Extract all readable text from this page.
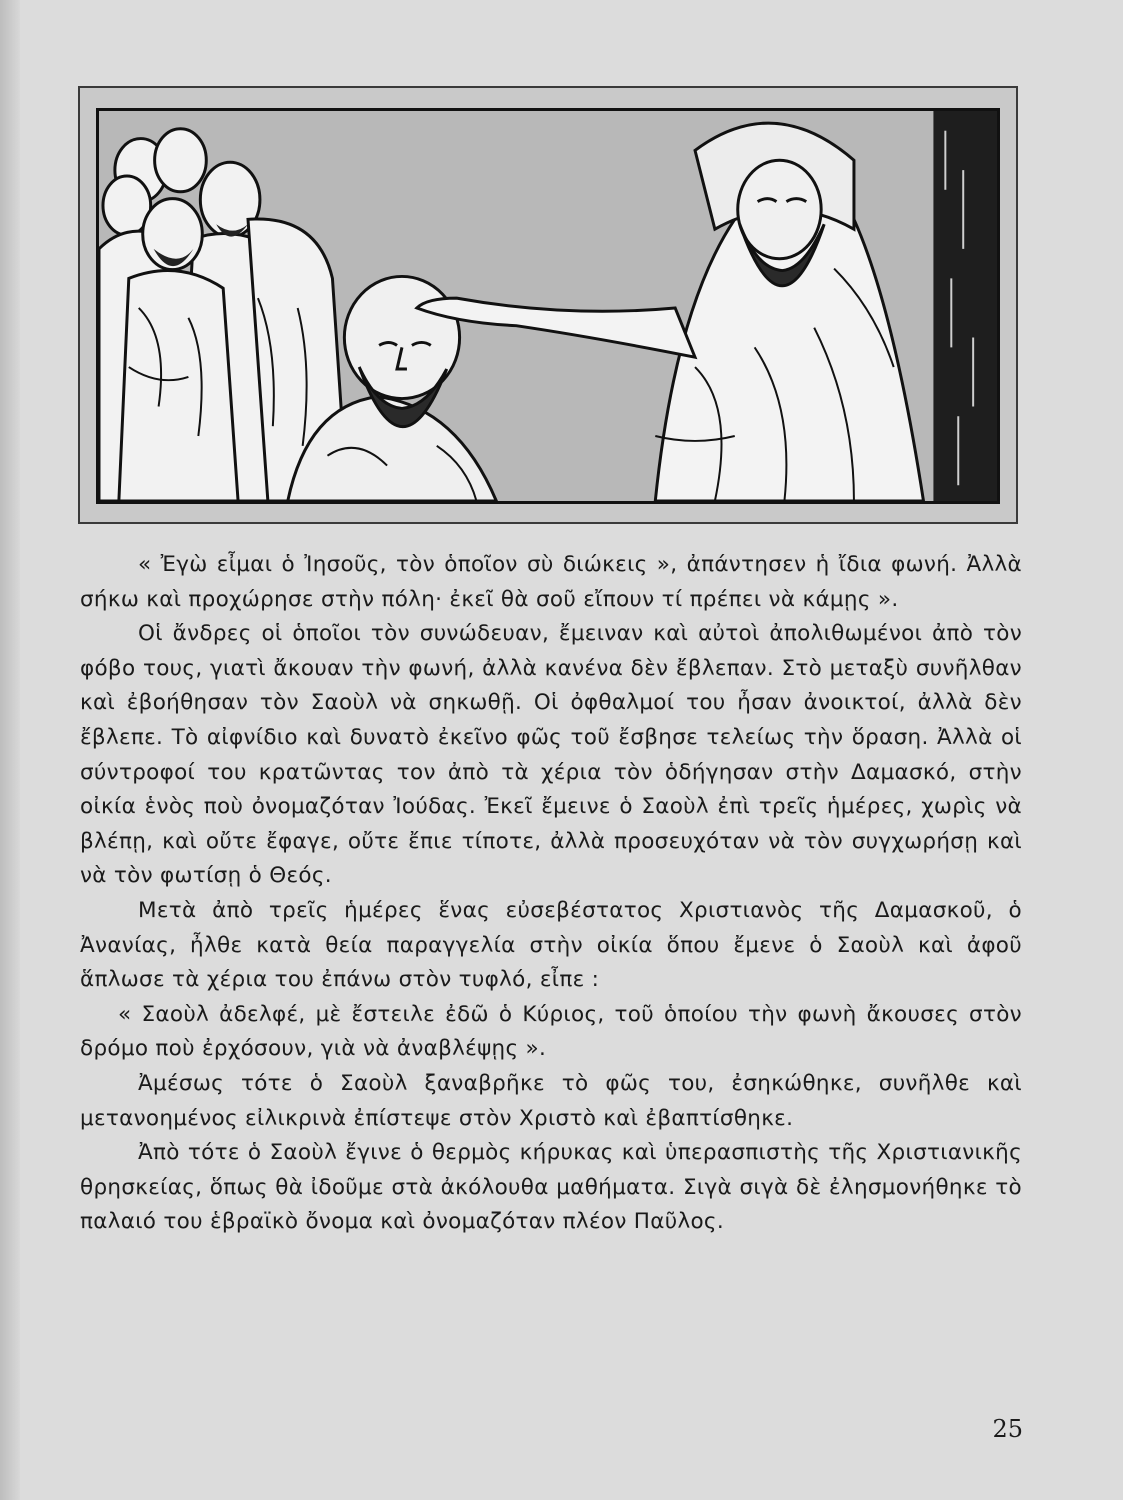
« Ἐγὼ εἶμαι ὁ Ἰησοῦς, τὸν ὁποῖον σὺ διώκεις », ἀπάντησεν ἡ ἴδια φωνή. Ἀλλὰ σήκω καὶ προχώρησε στὴν πόλη· ἐκεῖ θὰ σοῦ εἴπουν τί πρέπει νὰ κάμῃς ».

Οἱ ἄνδρες οἱ ὁποῖοι τὸν συνώδευαν, ἔμειναν καὶ αὐτοὶ ἀπολιθωμένοι ἀπὸ τὸν φόβο τους, γιατὶ ἄκουαν τὴν φωνή, ἀλλὰ κανένα δὲν ἔβλεπαν. Στὸ μεταξὺ συνῆλθαν καὶ ἐβοήθησαν τὸν Σαοὺλ νὰ σηκωθῇ. Οἱ ὀφθαλμοί του ἦσαν ἀνοικτοί, ἀλλὰ δὲν ἔβλεπε. Τὸ αἰφνίδιο καὶ δυνατὸ ἐκεῖνο φῶς τοῦ ἔσβησε τελείως τὴν ὅραση. Ἀλλὰ οἱ σύντροφοί του κρατῶντας τον ἀπὸ τὰ χέρια τὸν ὁδήγησαν στὴν Δαμασκό, στὴν οἰκία ἑνὸς ποὺ ὀνομαζόταν Ἰούδας. Ἐκεῖ ἔμεινε ὁ Σαοὺλ ἐπὶ τρεῖς ἡμέρες, χωρὶς νὰ βλέπῃ, καὶ οὔτε ἔφαγε, οὔτε ἔπιε τίποτε, ἀλλὰ προσευχόταν νὰ τὸν συγχωρήσῃ καὶ νὰ τὸν φωτίσῃ ὁ Θεός.

Μετὰ ἀπὸ τρεῖς ἡμέρες ἕνας εὐσεβέστατος Χριστιανὸς τῆς Δαμασκοῦ, ὁ Ἀνανίας, ἦλθε κατὰ θεία παραγγελία στὴν οἰκία ὅπου ἔμενε ὁ Σαοὺλ καὶ ἀφοῦ ἅπλωσε τὰ χέρια του ἐπάνω στὸν τυφλό, εἶπε :

« Σαοὺλ ἀδελφέ, μὲ ἔστειλε ἐδῶ ὁ Κύριος, τοῦ ὁποίου τὴν φωνὴ ἄκουσες στὸν δρόμο ποὺ ἐρχόσουν, γιὰ νὰ ἀναβλέψῃς ».

Ἀμέσως τότε ὁ Σαοὺλ ξαναβρῆκε τὸ φῶς του, ἐσηκώθηκε, συνῆλθε καὶ μετανοημένος εἰλικρινὰ ἐπίστεψε στὸν Χριστὸ καὶ ἐβαπτίσθηκε.

Ἀπὸ τότε ὁ Σαοὺλ ἔγινε ὁ θερμὸς κήρυκας καὶ ὑπερασπιστὴς τῆς Χριστιανικῆς θρησκείας, ὅπως θὰ ἰδοῦμε στὰ ἀκόλουθα μαθήματα. Σιγὰ σιγὰ δὲ ἐλησμονήθηκε τὸ παλαιό του ἑβραϊκὸ ὄνομα καὶ ὀνομαζόταν πλέον Παῦλος.

25
